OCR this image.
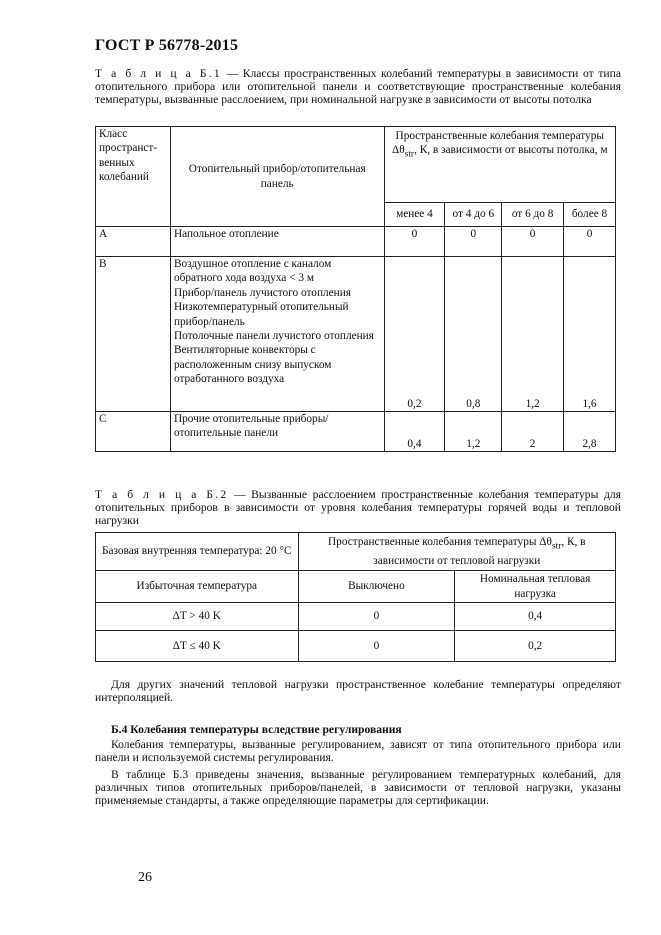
ГОСТ Р 56778-2015
Т а б л и ц а Б.1 — Классы пространственных колебаний температуры в зависимости от типа отопительного прибора или отопительной панели и соответствующие пространственные колебания температуры, вызванные расслоением, при номинальной нагрузке в зависимости от высоты потолка
Класс пространст-венных колебаний	Отопительный прибор/отопительная панель	Пространственные колебания температуры $\Delta\theta_{str}$, К, в зависимости от высоты потолка, м			
		менее 4	от 4 до 6	от 6 до 8	более 8
A	Напольное отопление	0	0	0	0
B	Воздушное отопление с каналом обратного хода воздуха < 3 м
Прибор/панель лучистого отопления
Низкотемпературный отопительный прибор/панель
Потолочные панели лучистого отопления
Вентиляторные конвекторы с расположенным снизу выпуском отработанного воздуха	0,2	0,8	1,2	1,6
C	Прочие отопительные приборы/отопительные панели	0,4	1,2	2	2,8
Т а б л и ц а Б.2 — Вызванные расслоением пространственные колебания температуры для отопительных приборов в зависимости от уровня колебания температуры горячей воды и тепловой нагрузки
Базовая внутренняя температура: 20 °C	Пространственные колебания температуры $\Delta\theta_{str}$, К, в зависимости от тепловой нагрузки	
Избыточная температура	Выключено	Номинальная тепловая нагрузка
ΔT > 40 K	0	0,4
ΔT ≤ 40 K	0	0,2
Для других значений тепловой нагрузки пространственное колебание температуры определяют интерполяцией.
Б.4 Колебания температуры вследствие регулирования
Колебания температуры, вызванные регулированием, зависят от типа отопительного прибора или панели и используемой системы регулирования.
В таблице Б.3 приведены значения, вызванные регулированием температурных колебаний, для различных типов отопительных приборов/панелей, в зависимости от тепловой нагрузки, указаны применяемые стандарты, а также определяющие параметры для сертификации.
26
